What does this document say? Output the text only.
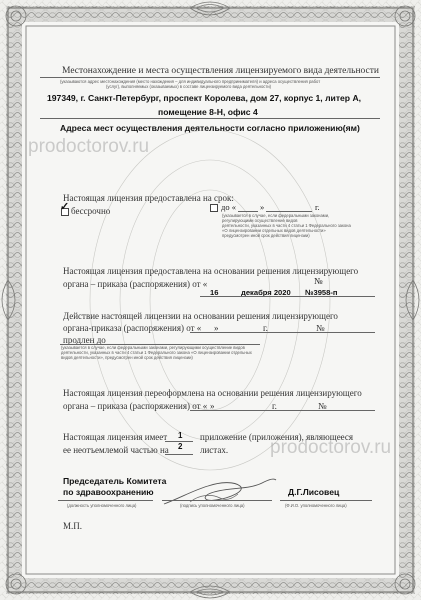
prodoctorov.ru
prodoctorov.ru
Местонахождение и места осуществления лицензируемого вида деятельности
(указываются адрес местонахождения (место нахождения – для индивидуального предпринимателя) и адреса осуществления работ
(услуг), выполняемых (оказываемых) в составе лицензируемого вида деятельности)
197349, г. Санкт-Петербург, проспект Королева, дом 27, корпус 1, литер А,
помещение 8-Н, офис 4
Адреса мест осуществления деятельности согласно приложению(ям)
Настоящая лицензия предоставлена на срок:
✓ бессрочно	до «	»	г.
(указывается в случае, если федеральными законами,
регулирующими осуществление видов
деятельности, указанных в части 4 статьи 1 Федерального закона
«О лицензировании отдельных видов деятельности»
предусмотрен иной срок действия лицензии)
Настоящая лицензия предоставлена на основании решения лицензирующего
органа – приказа (распоряжения) от «
16	декабря 2020
№
№3958-п
Действие настоящей лицензии на основании решения лицензирующего
органа-приказа (распоряжения) от « »	г.	№
продлен до
(указывается в случае, если федеральными законами, регулирующими осуществление видов
деятельности, указанных в части 4 статьи 1 Федерального закона «О лицензировании отдельных
видов деятельности», предусмотрен иной срок действия лицензии)
Настоящая лицензия переоформлена на основании решения лицензирующего
органа – приказа (распоряжения) от « »	г.	№
Настоящая лицензия имеет 1 приложение (приложения), являющееся
ее неотъемлемой частью на 2 листах.
Председатель Комитета
по здравоохранению	Д.Г.Лисовец
(должность уполномоченного лица)	(подпись уполномоченного лица)	(Ф.И.О. уполномоченного лица)
М.П.
